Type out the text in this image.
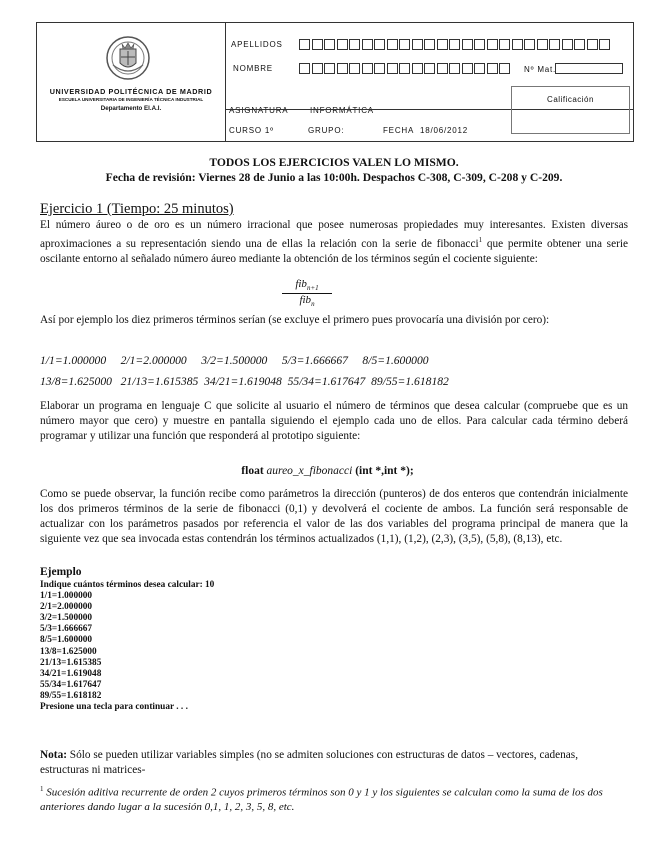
UNIVERSIDAD POLITÉCNICA DE MADRID
ESCUELA UNIVERSITARIA DE INGENIERÍA TÉCNICA INDUSTRIAL
Departamento El.A.I.
APELLIDOS
NOMBRE	Nº Mat.
ASIGNATURA	INFORMÁTICA
Calificación
CURSO 1º	GRUPO:	FECHA 18/06/2012
TODOS LOS EJERCICIOS VALEN LO MISMO.
Fecha de revisión: Viernes 28 de Junio a las 10:00h. Despachos C-308, C-309, C-208 y C-209.
Ejercicio 1 (Tiempo: 25 minutos)
El número áureo o de oro es un número irracional que posee numerosas propiedades muy interesantes. Existen diversas aproximaciones a su representación siendo una de ellas la relación con la serie de fibonacci$^1$ que permite obtener una serie oscilante entorno al señalado número áureo mediante la obtención de los términos según el cociente siguiente:
fib$_{n+1}$
fib$_n$
Así por ejemplo los diez primeros términos serían (se excluye el primero pues provocaría una división por cero):
1/1=1.000000     2/1=2.000000     3/2=1.500000     5/3=1.666667     8/5=1.600000
13/8=1.625000   21/13=1.615385  34/21=1.619048  55/34=1.617647  89/55=1.618182
Elaborar un programa en lenguaje C que solicite al usuario el número de términos que desea calcular (compruebe que es un número mayor que cero) y muestre en pantalla siguiendo el ejemplo cada uno de ellos. Para calcular cada término deberá programar y utilizar una función que responderá al prototipo siguiente:
float aureo_x_fibonacci (int *,int *);
Como se puede observar, la función recibe como parámetros la dirección (punteros) de dos enteros que contendrán inicialmente los dos primeros términos de la serie de fibonacci (0,1) y devolverá el cociente de ambos. La función será responsable de actualizar con los parámetros pasados por referencia el valor de las dos variables del programa principal de manera que la siguiente vez que sea invocada estas contendrán los términos actualizados (1,1), (1,2), (2,3), (3,5), (5,8), (8,13), etc.
Ejemplo
Indique cuántos términos desea calcular: 10
1/1=1.000000
2/1=2.000000
3/2=1.500000
5/3=1.666667
8/5=1.600000
13/8=1.625000
21/13=1.615385
34/21=1.619048
55/34=1.617647
89/55=1.618182
Presione una tecla para continuar . . .
Nota: Sólo se pueden utilizar variables simples (no se admiten soluciones con estructuras de datos – vectores, cadenas, estructuras ni matrices-
$^1$ Sucesión aditiva recurrente de orden 2 cuyos primeros términos son 0 y 1 y los siguientes se calculan como la suma de los dos anteriores dando lugar a la sucesión 0,1, 1, 2, 3, 5, 8, etc.
